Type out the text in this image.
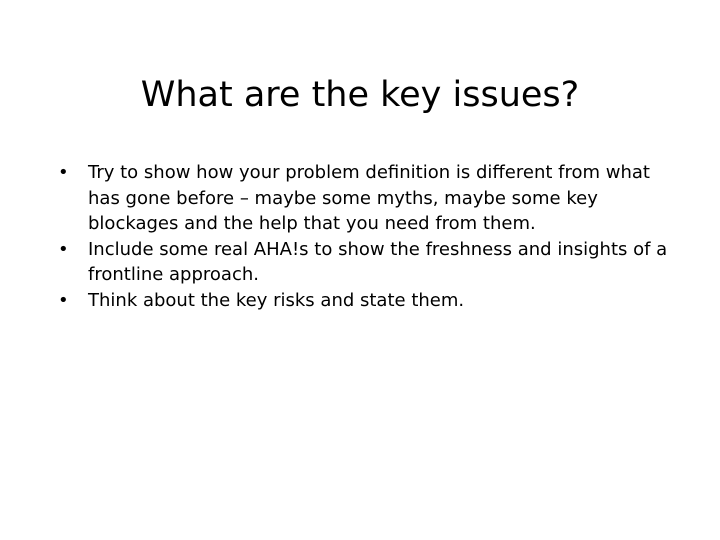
What are the key issues?
•	Try to show how your problem definition is different from what has gone before – maybe some myths, maybe some key blockages and the help that you need from them.
•	Include some real AHA!s to show the freshness and insights of a frontline approach.
•	Think about the key risks and state them.
